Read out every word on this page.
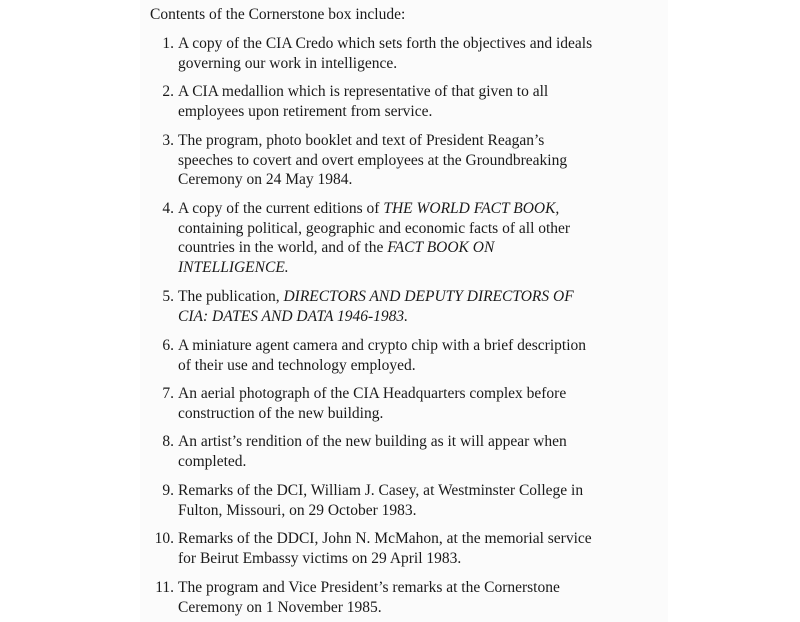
Contents of the Cornerstone box include:
1. A copy of the CIA Credo which sets forth the objectives and ideals
governing our work in intelligence.
2. A CIA medallion which is representative of that given to all
employees upon retirement from service.
3. The program, photo booklet and text of President Reagan’s
speeches to covert and overt employees at the Groundbreaking
Ceremony on 24 May 1984.
4. A copy of the current editions of THE WORLD FACT BOOK,
containing political, geographic and economic facts of all other
countries in the world, and of the FACT BOOK ON
INTELLIGENCE.
5. The publication, DIRECTORS AND DEPUTY DIRECTORS OF
CIA: DATES AND DATA 1946-1983.
6. A miniature agent camera and crypto chip with a brief description
of their use and technology employed.
7. An aerial photograph of the CIA Headquarters complex before
construction of the new building.
8. An artist’s rendition of the new building as it will appear when
completed.
9. Remarks of the DCI, William J. Casey, at Westminster College in
Fulton, Missouri, on 29 October 1983.
10. Remarks of the DDCI, John N. McMahon, at the memorial service
for Beirut Embassy victims on 29 April 1983.
11. The program and Vice President’s remarks at the Cornerstone
Ceremony on 1 November 1985.
